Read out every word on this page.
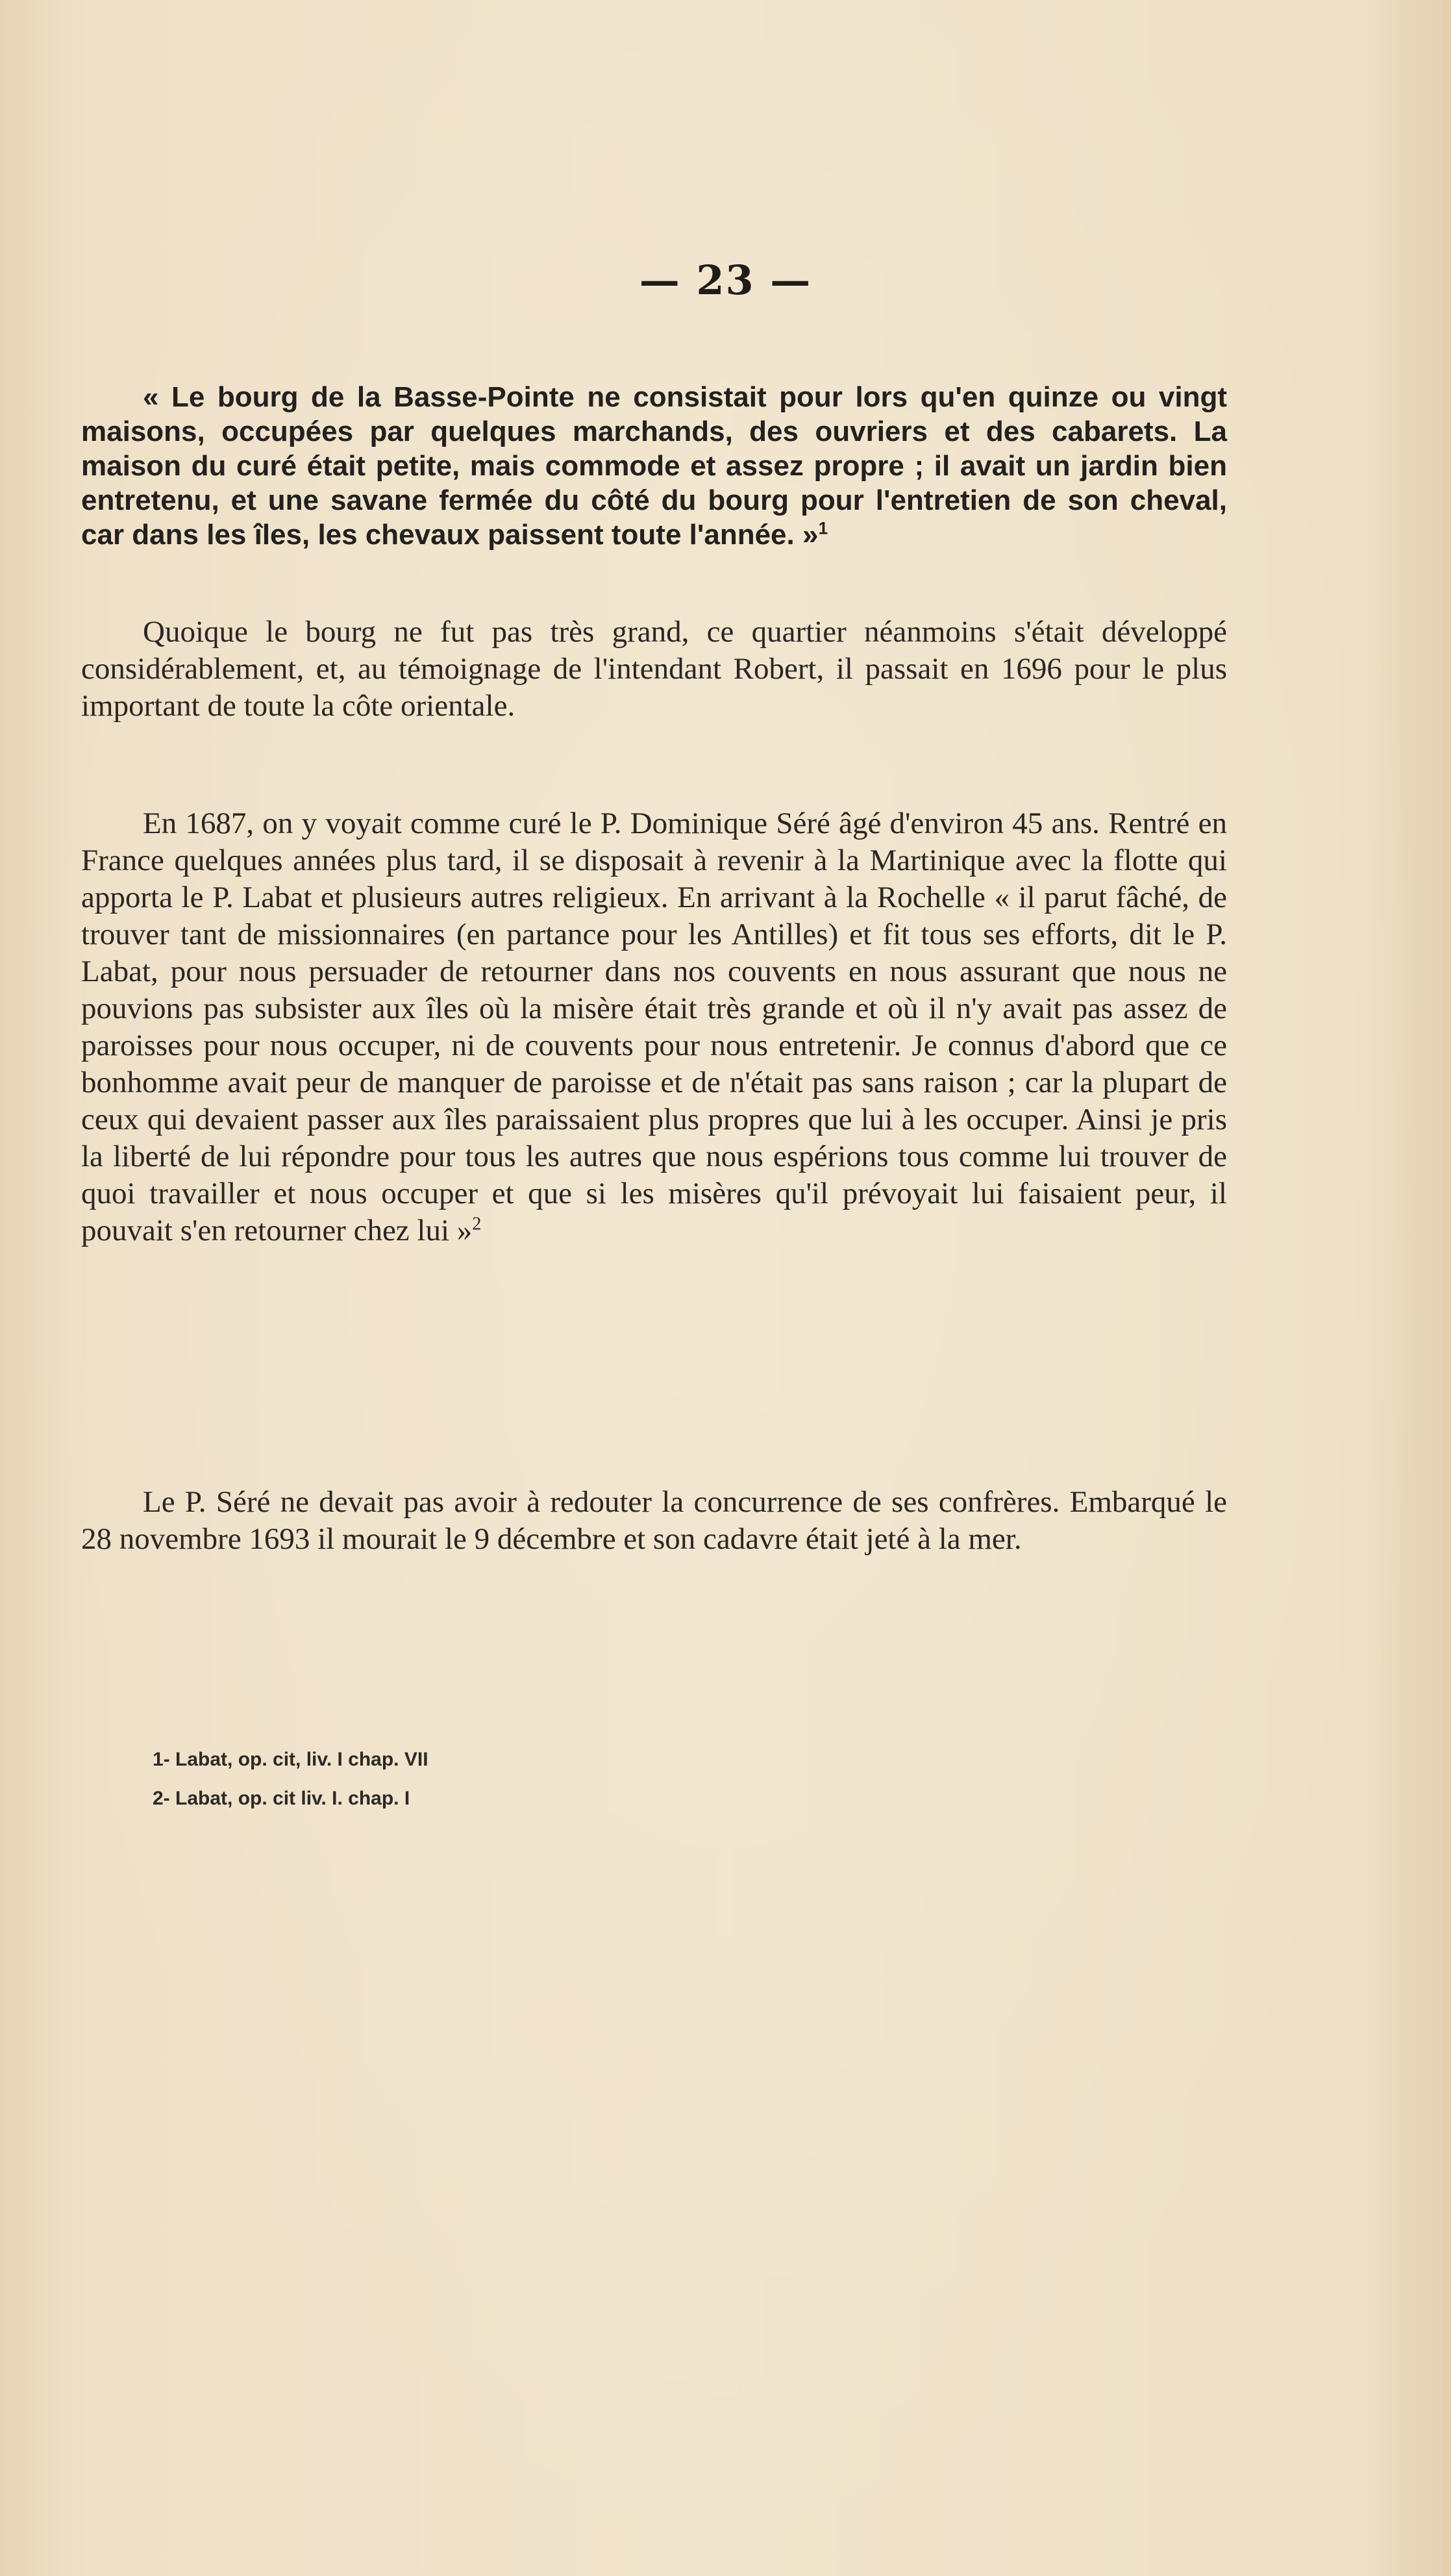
— 23 —
« Le bourg de la Basse-Pointe ne consistait pour lors qu'en quinze ou vingt maisons, occupées par quelques marchands, des ouvriers et des cabarets. La maison du curé était petite, mais commode et assez propre ; il avait un jardin bien entretenu, et une savane fermée du côté du bourg pour l'entretien de son cheval, car dans les îles, les chevaux paissent toute l'année. »$^1$
Quoique le bourg ne fut pas très grand, ce quartier néanmoins s'était développé considérablement, et, au témoignage de l'intendant Robert, il passait en 1696 pour le plus important de toute la côte orientale.
En 1687, on y voyait comme curé le P. Dominique Séré âgé d'environ 45 ans. Rentré en France quelques années plus tard, il se disposait à revenir à la Martinique avec la flotte qui apporta le P. Labat et plusieurs autres religieux. En arrivant à la Rochelle « il parut fâché, de trouver tant de missionnaires (en partance pour les Antilles) et fit tous ses efforts, dit le P. Labat, pour nous persuader de retourner dans nos couvents en nous assurant que nous ne pouvions pas subsister aux îles où la misère était très grande et où il n'y avait pas assez de paroisses pour nous occuper, ni de couvents pour nous entretenir. Je connus d'abord que ce bonhomme avait peur de manquer de paroisse et de n'était pas sans raison ; car la plupart de ceux qui devaient passer aux îles paraissaient plus propres que lui à les occuper. Ainsi je pris la liberté de lui répondre pour tous les autres que nous espérions tous comme lui trouver de quoi travailler et nous occuper et que si les misères qu'il prévoyait lui faisaient peur, il pouvait s'en retourner chez lui »$^2$
Le P. Séré ne devait pas avoir à redouter la concurrence de ses confrères. Embarqué le 28 novembre 1693 il mourait le 9 décembre et son cadavre était jeté à la mer.
1- Labat, op. cit, liv. I chap. VII
2- Labat, op. cit liv. I. chap. I
